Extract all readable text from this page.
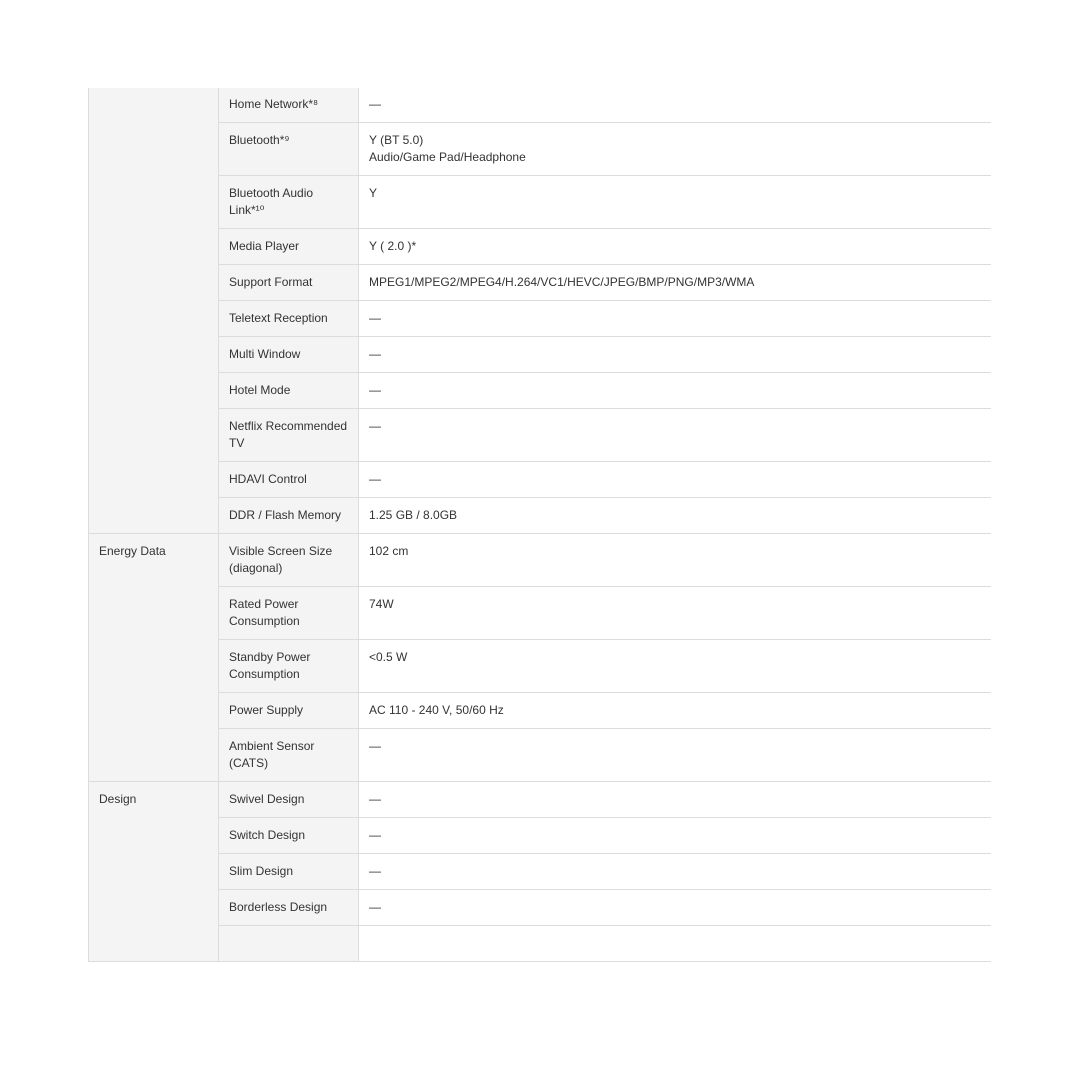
	Home Network*⁸	—

	Bluetooth*⁹	Y (BT 5.0)
Audio/Game Pad/Headphone

	Bluetooth Audio Link*¹⁰	Y

	Media Player	Y ( 2.0 )*

	Support Format	MPEG1/MPEG2/MPEG4/H.264/VC1/HEVC/JPEG/BMP/PNG/MP3/WMA

	Teletext Reception	—

	Multi Window	—

	Hotel Mode	—

	Netflix Recommended TV	—

	HDAVI Control	—

	DDR / Flash Memory	1.25 GB / 8.0GB

Energy Data	Visible Screen Size (diagonal)	102 cm

	Rated Power Consumption	74W

	Standby Power Consumption	<0.5 W

	Power Supply	AC 110 - 240 V, 50/60 Hz

	Ambient Sensor (CATS)	—

Design	Swivel Design	—

	Switch Design	—

	Slim Design	—

	Borderless Design	—
